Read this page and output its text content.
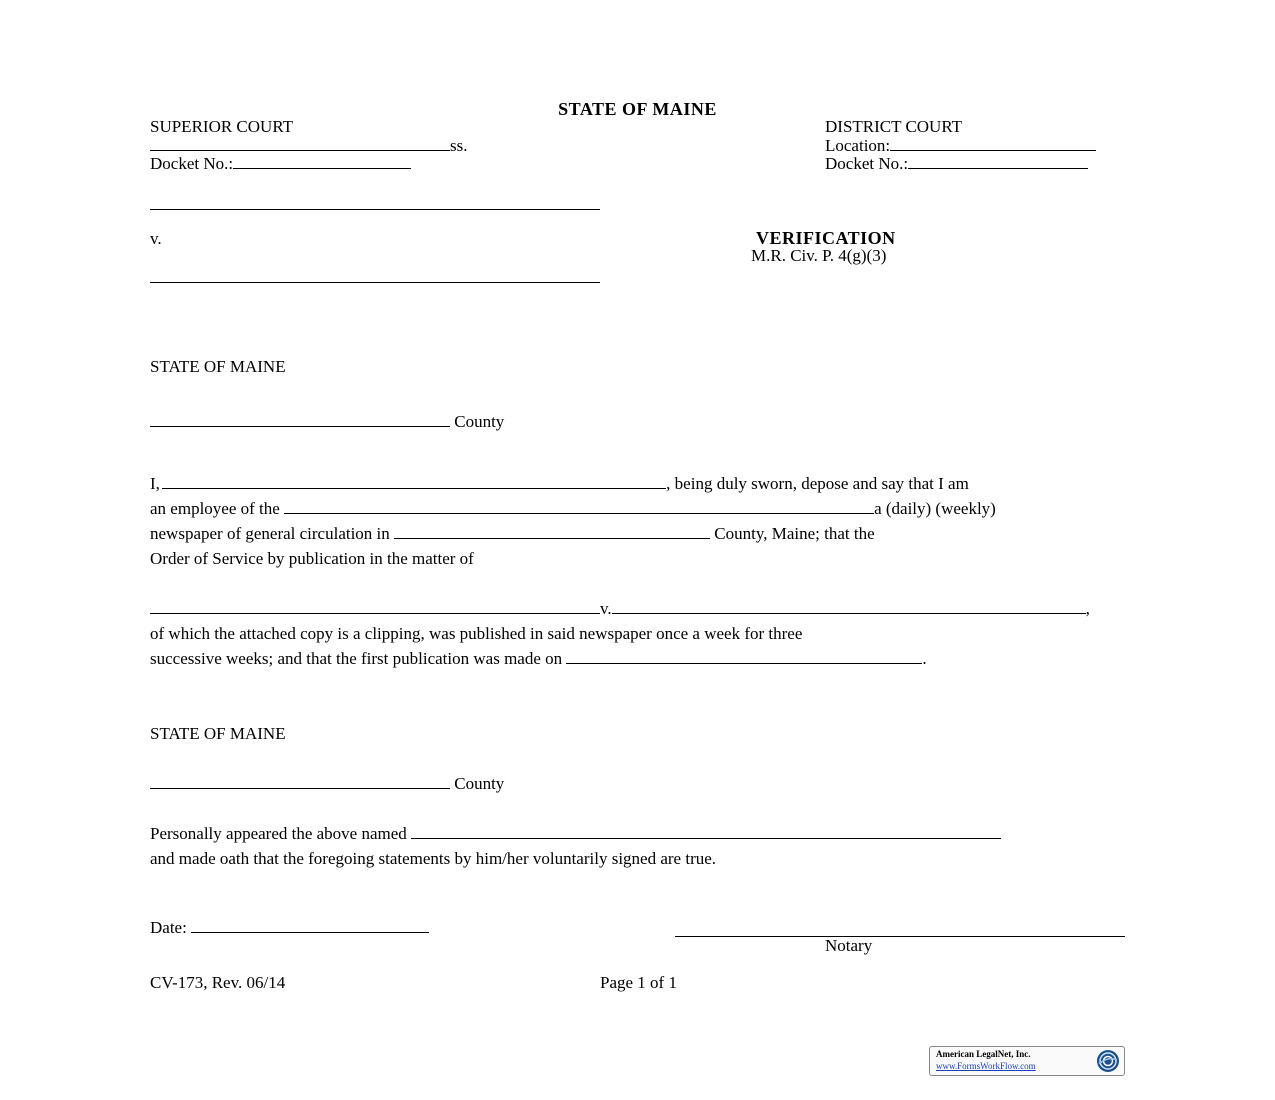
STATE OF MAINE
SUPERIOR COURT
ss.
Docket No.:
DISTRICT COURT
Location:
Docket No.:
v.	VERIFICATION
M.R. Civ. P. 4(g)(3)
STATE OF MAINE
County
I,	, being duly sworn, depose and say that I am
an employee of the	a (daily) (weekly)
newspaper of general circulation in	County, Maine; that the
Order of Service by publication in the matter of
v.	,
of which the attached copy is a clipping, was published in said newspaper once a week for three
successive weeks; and that the first publication was made on	.
STATE OF MAINE
County
Personally appeared the above named
and made oath that the foregoing statements by him/her voluntarily signed are true.
Date:
Notary
CV-173, Rev. 06/14	Page 1 of 1
American LegalNet, Inc.
www.FormsWorkFlow.com
